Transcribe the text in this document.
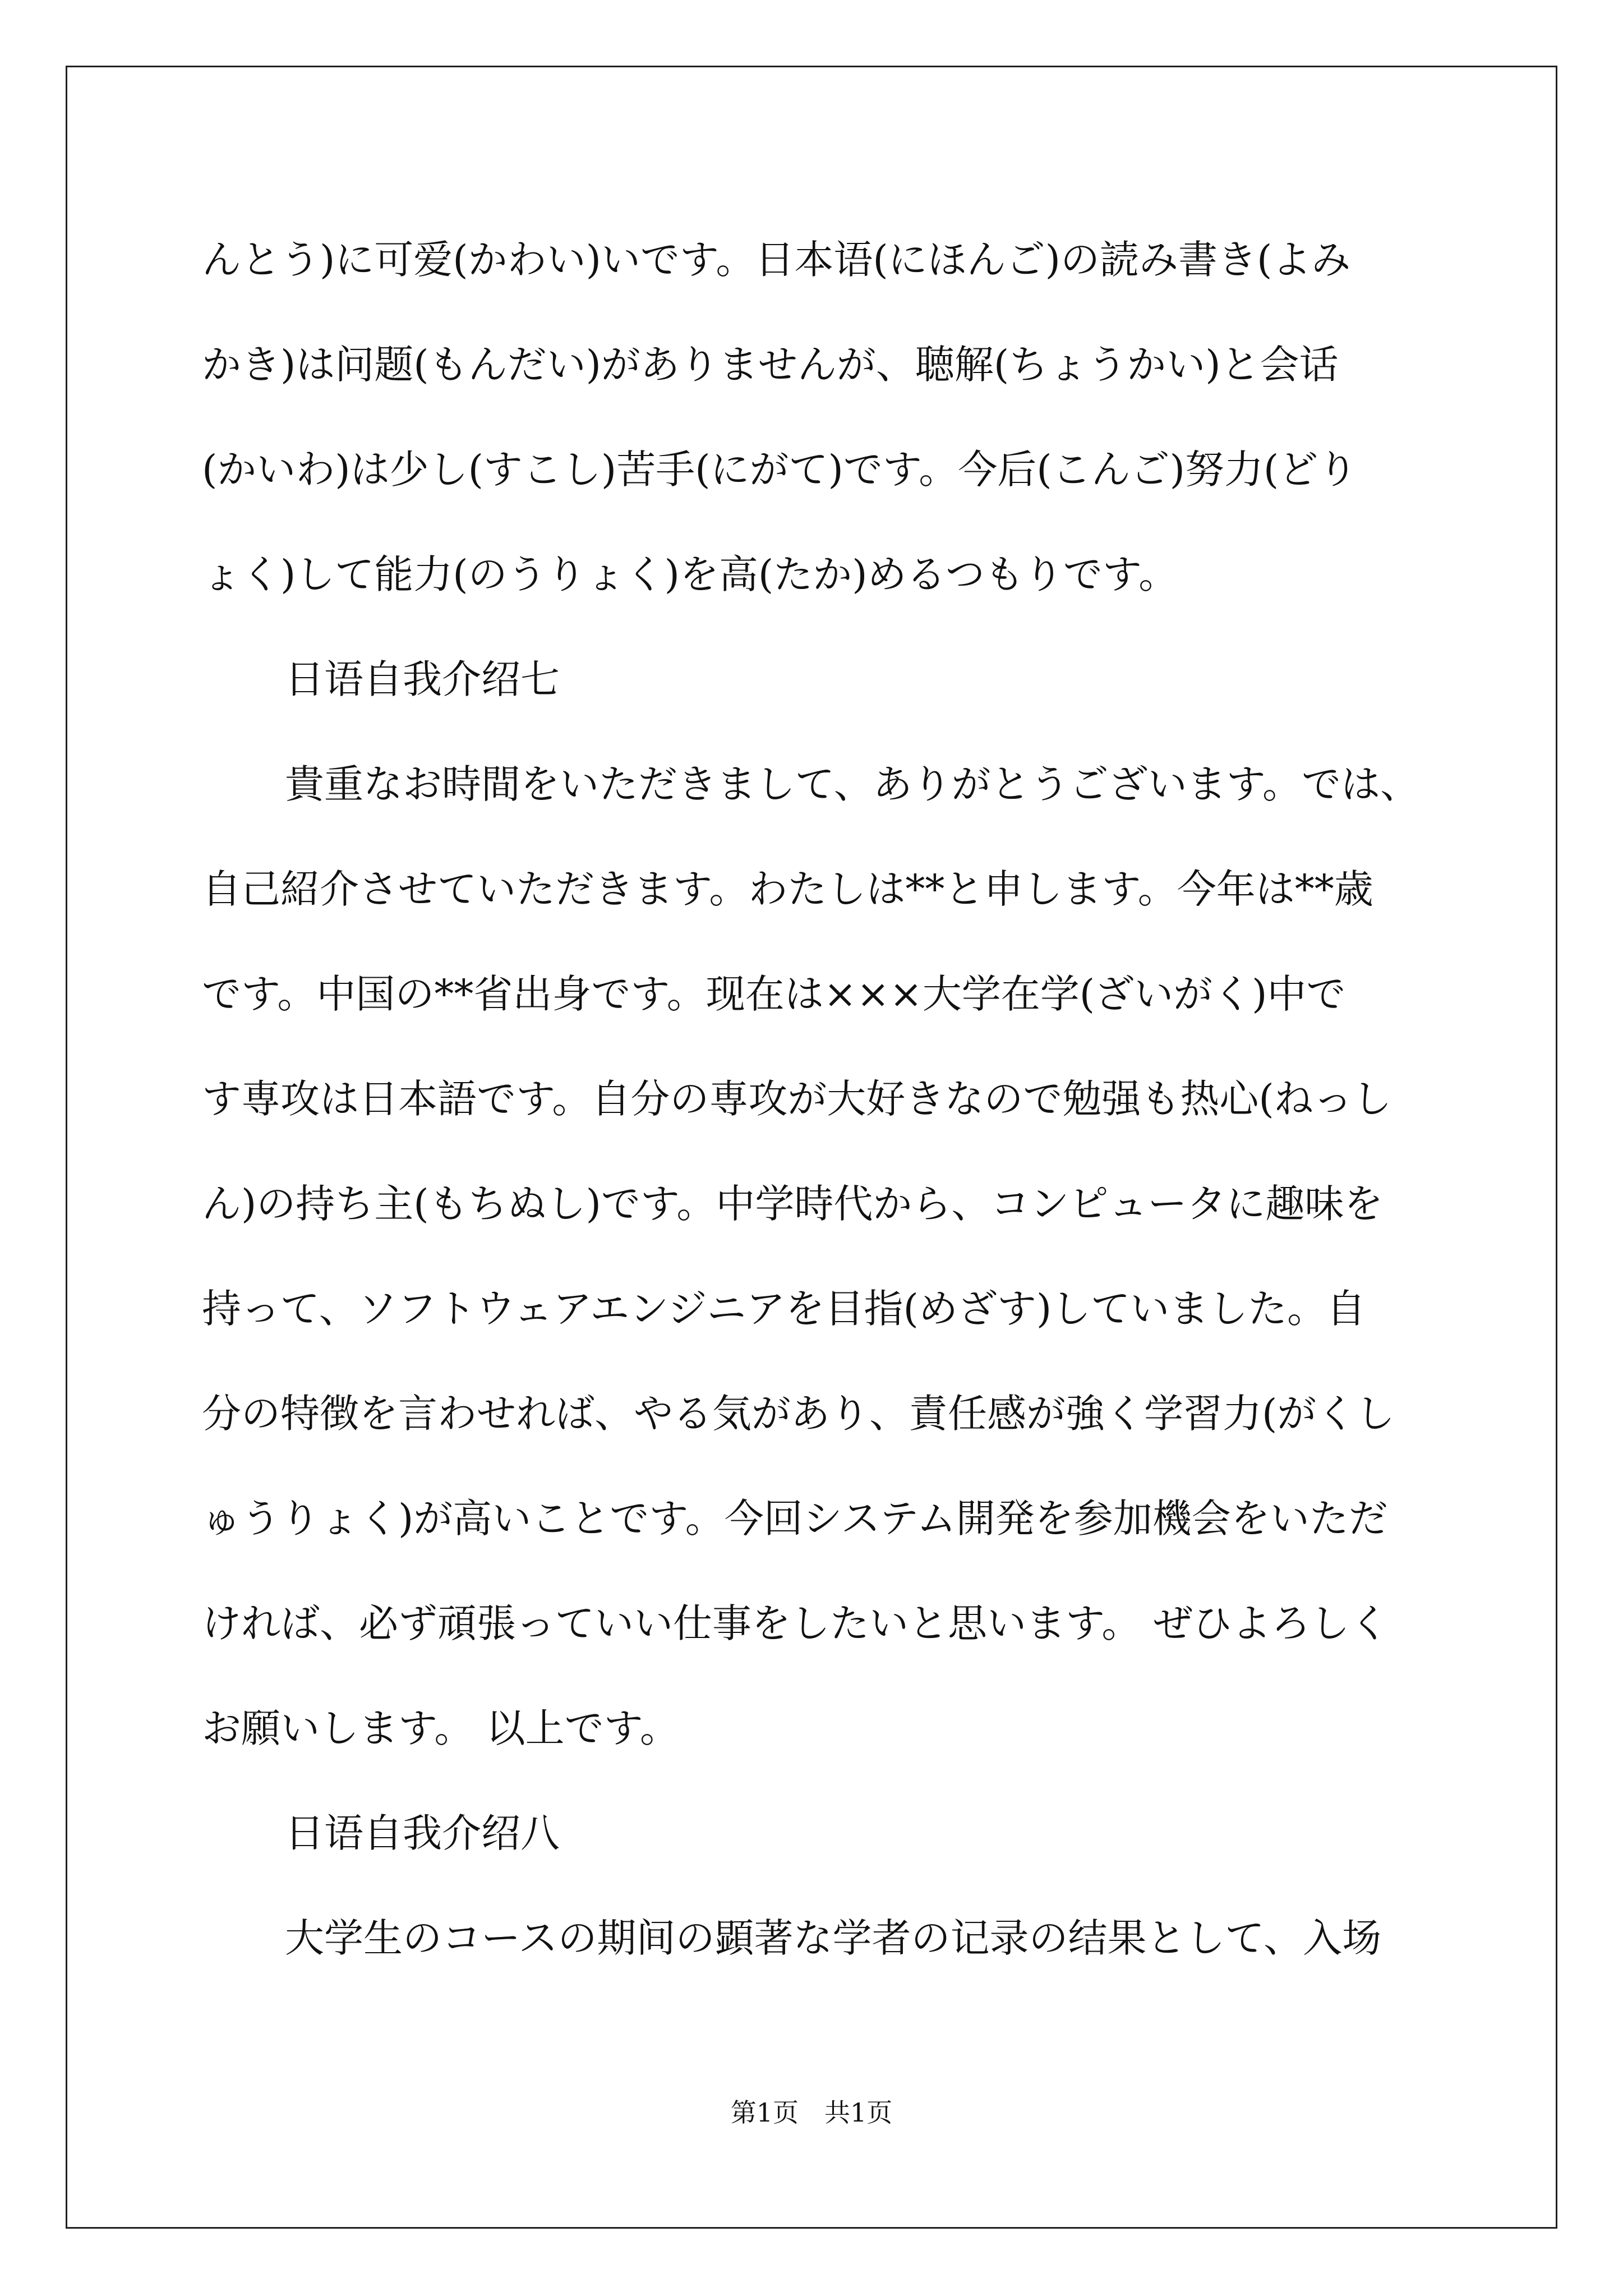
んとう)に可爱(かわい)いです。日本语(にほんご)の読み書き(よみ
かき)は问题(もんだい)がありませんが、聴解(ちょうかい)と会话
(かいわ)は少し(すこし)苦手(にがて)です。今后(こんご)努力(どり
ょく)して能力(のうりょく)を高(たか)めるつもりです。
日语自我介绍七
貴重なお時間をいただきまして、ありがとうございます。では、
自己紹介させていただきます。わたしは**と申します。今年は**歳
です。中国の**省出身です。现在は×××大学在学(ざいがく)中で
す専攻は日本語です。自分の専攻が大好きなので勉强も热心(ねっし
ん)の持ち主(もちぬし)です。中学時代から、コンピュータに趣味を
持って、ソフトウェアエンジニアを目指(めざす)していました。自
分の特徴を言わせれば、やる気があり、責任感が強く学習力(がくし
ゅうりょく)が高いことです。今回システム開発を参加機会をいただ
ければ、必ず頑張っていい仕事をしたいと思います。 ぜひよろしく
お願いします。 以上です。
日语自我介绍八
大学生のコースの期间の顕著な学者の记录の结果として、入场
第1页　共1页
